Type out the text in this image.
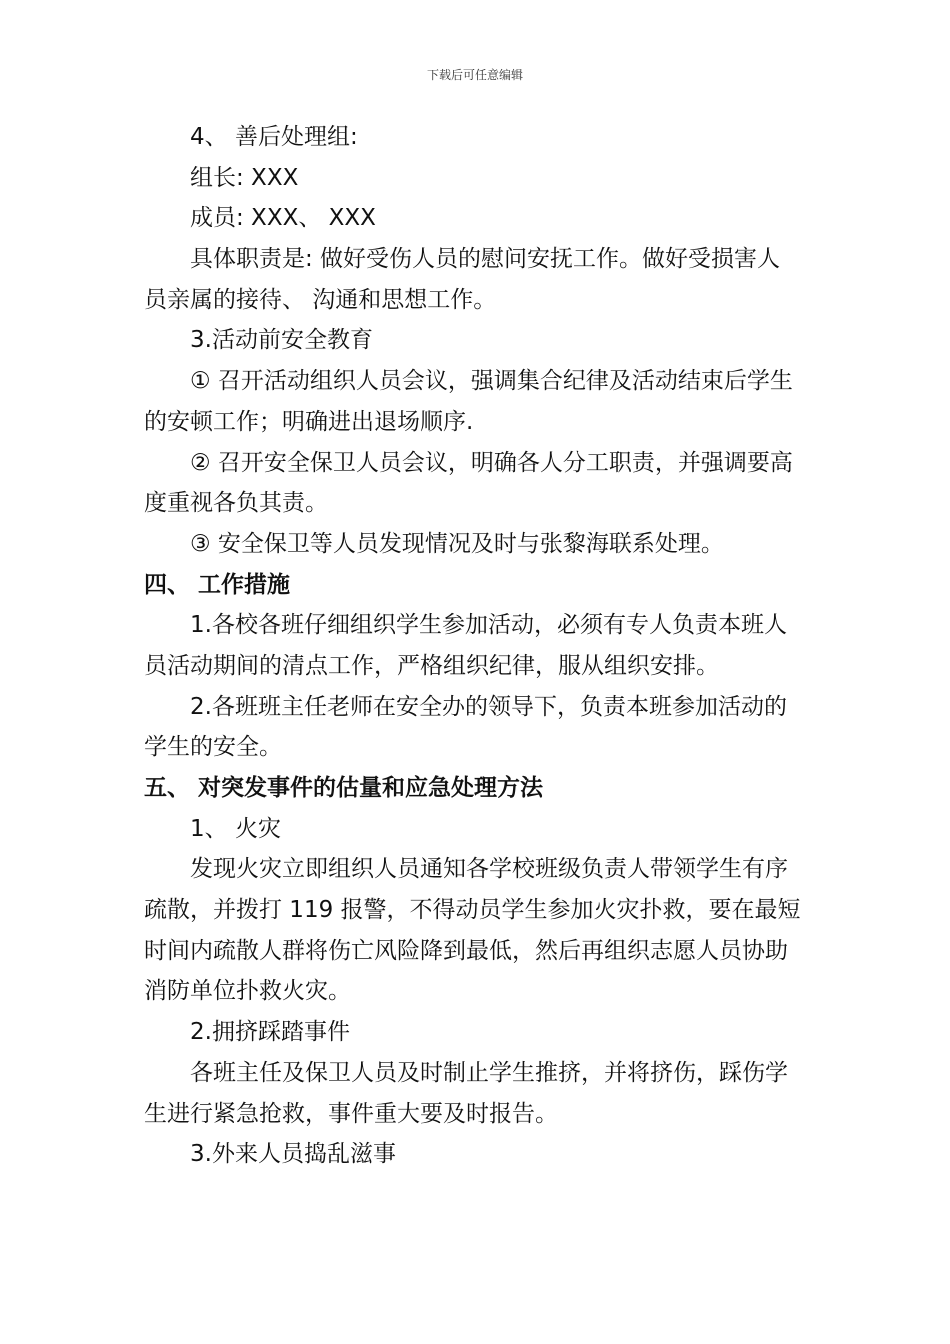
下载后可任意编辑
4、 善后处理组:
组长: XXX
成员: XXX、 XXX
具体职责是: 做好受伤人员的慰问安抚工作。做好受损害人
员亲属的接待、 沟通和思想工作。
3.活动前安全教育
① 召开活动组织人员会议，强调集合纪律及活动结束后学生
的安顿工作；明确进出退场顺序.
② 召开安全保卫人员会议，明确各人分工职责，并强调要高
度重视各负其责。
③ 安全保卫等人员发现情况及时与张黎海联系处理。
四、 工作措施
1.各校各班仔细组织学生参加活动，必须有专人负责本班人
员活动期间的清点工作，严格组织纪律，服从组织安排。
2.各班班主任老师在安全办的领导下，负责本班参加活动的
学生的安全。
五、 对突发事件的估量和应急处理方法
1、 火灾
发现火灾立即组织人员通知各学校班级负责人带领学生有序
疏散，并拨打 119 报警，不得动员学生参加火灾扑救，要在最短
时间内疏散人群将伤亡风险降到最低，然后再组织志愿人员协助
消防单位扑救火灾。
2.拥挤踩踏事件
各班主任及保卫人员及时制止学生推挤，并将挤伤，踩伤学
生进行紧急抢救，事件重大要及时报告。
3.外来人员捣乱滋事
